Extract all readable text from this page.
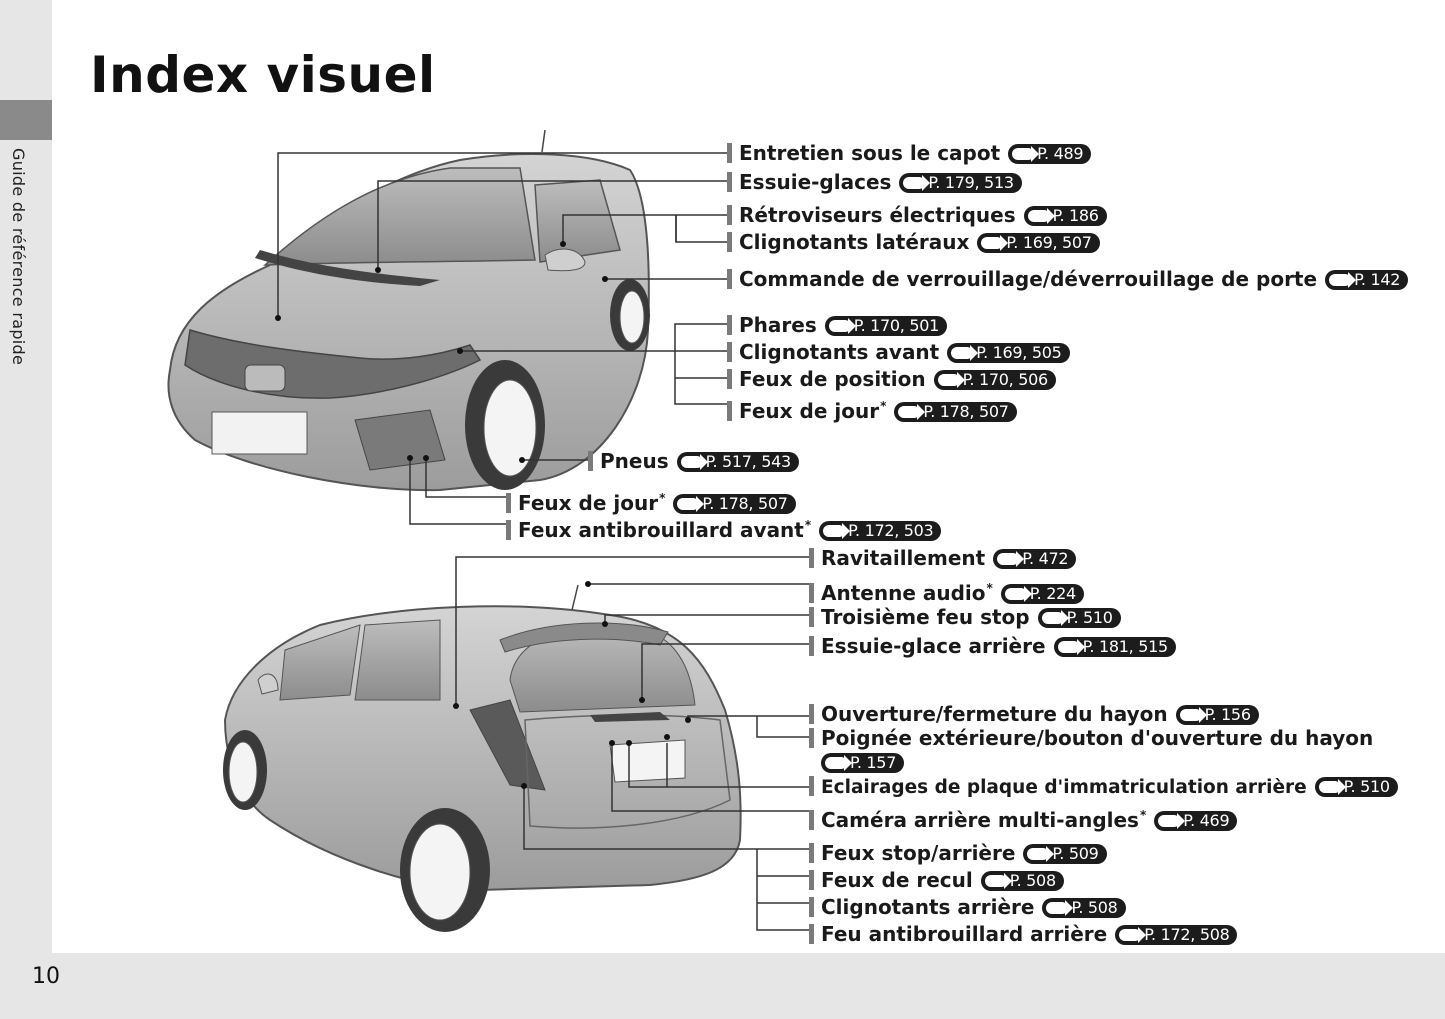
Guide de référence rapide
Index visuel
10
Entretien sous le capot P. 489
Essuie-glaces P. 179, 513
Rétroviseurs électriques P. 186
Clignotants latéraux P. 169, 507
Commande de verrouillage/déverrouillage de porte P. 142
Phares P. 170, 501
Clignotants avant P. 169, 505
Feux de position P. 170, 506
Feux de jour* P. 178, 507
Pneus P. 517, 543
Feux de jour* P. 178, 507
Feux antibrouillard avant* P. 172, 503
Ravitaillement P. 472
Antenne audio* P. 224
Troisième feu stop P. 510
Essuie-glace arrière P. 181, 515
Ouverture/fermeture du hayon P. 156
Poignée extérieure/bouton d'ouverture du hayon
P. 157
Eclairages de plaque d'immatriculation arrière P. 510
Caméra arrière multi-angles* P. 469
Feux stop/arrière P. 509
Feux de recul P. 508
Clignotants arrière P. 508
Feu antibrouillard arrière P. 172, 508
